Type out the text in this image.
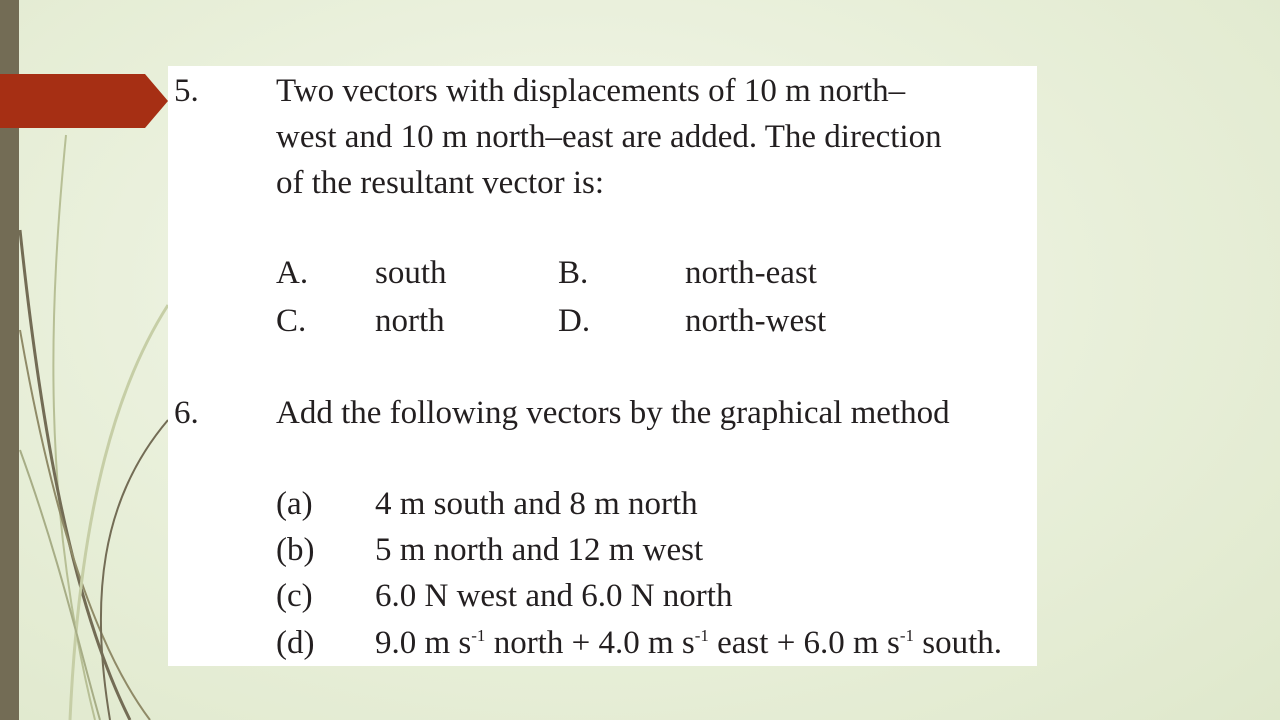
5. Two vectors with displacements of 10 m north–
west and 10 m north–east are added. The direction
of the resultant vector is:
A. south	B.	north-east
C. north	D.	north-west
6. Add the following vectors by the graphical method
(a) 4 m south and 8 m north
(b) 5 m north and 12 m west
(c) 6.0 N west and 6.0 N north
(d) 9.0 m $s^{-1}$ north + 4.0 m $s^{-1}$ east + 6.0 m $s^{-1}$ south.
